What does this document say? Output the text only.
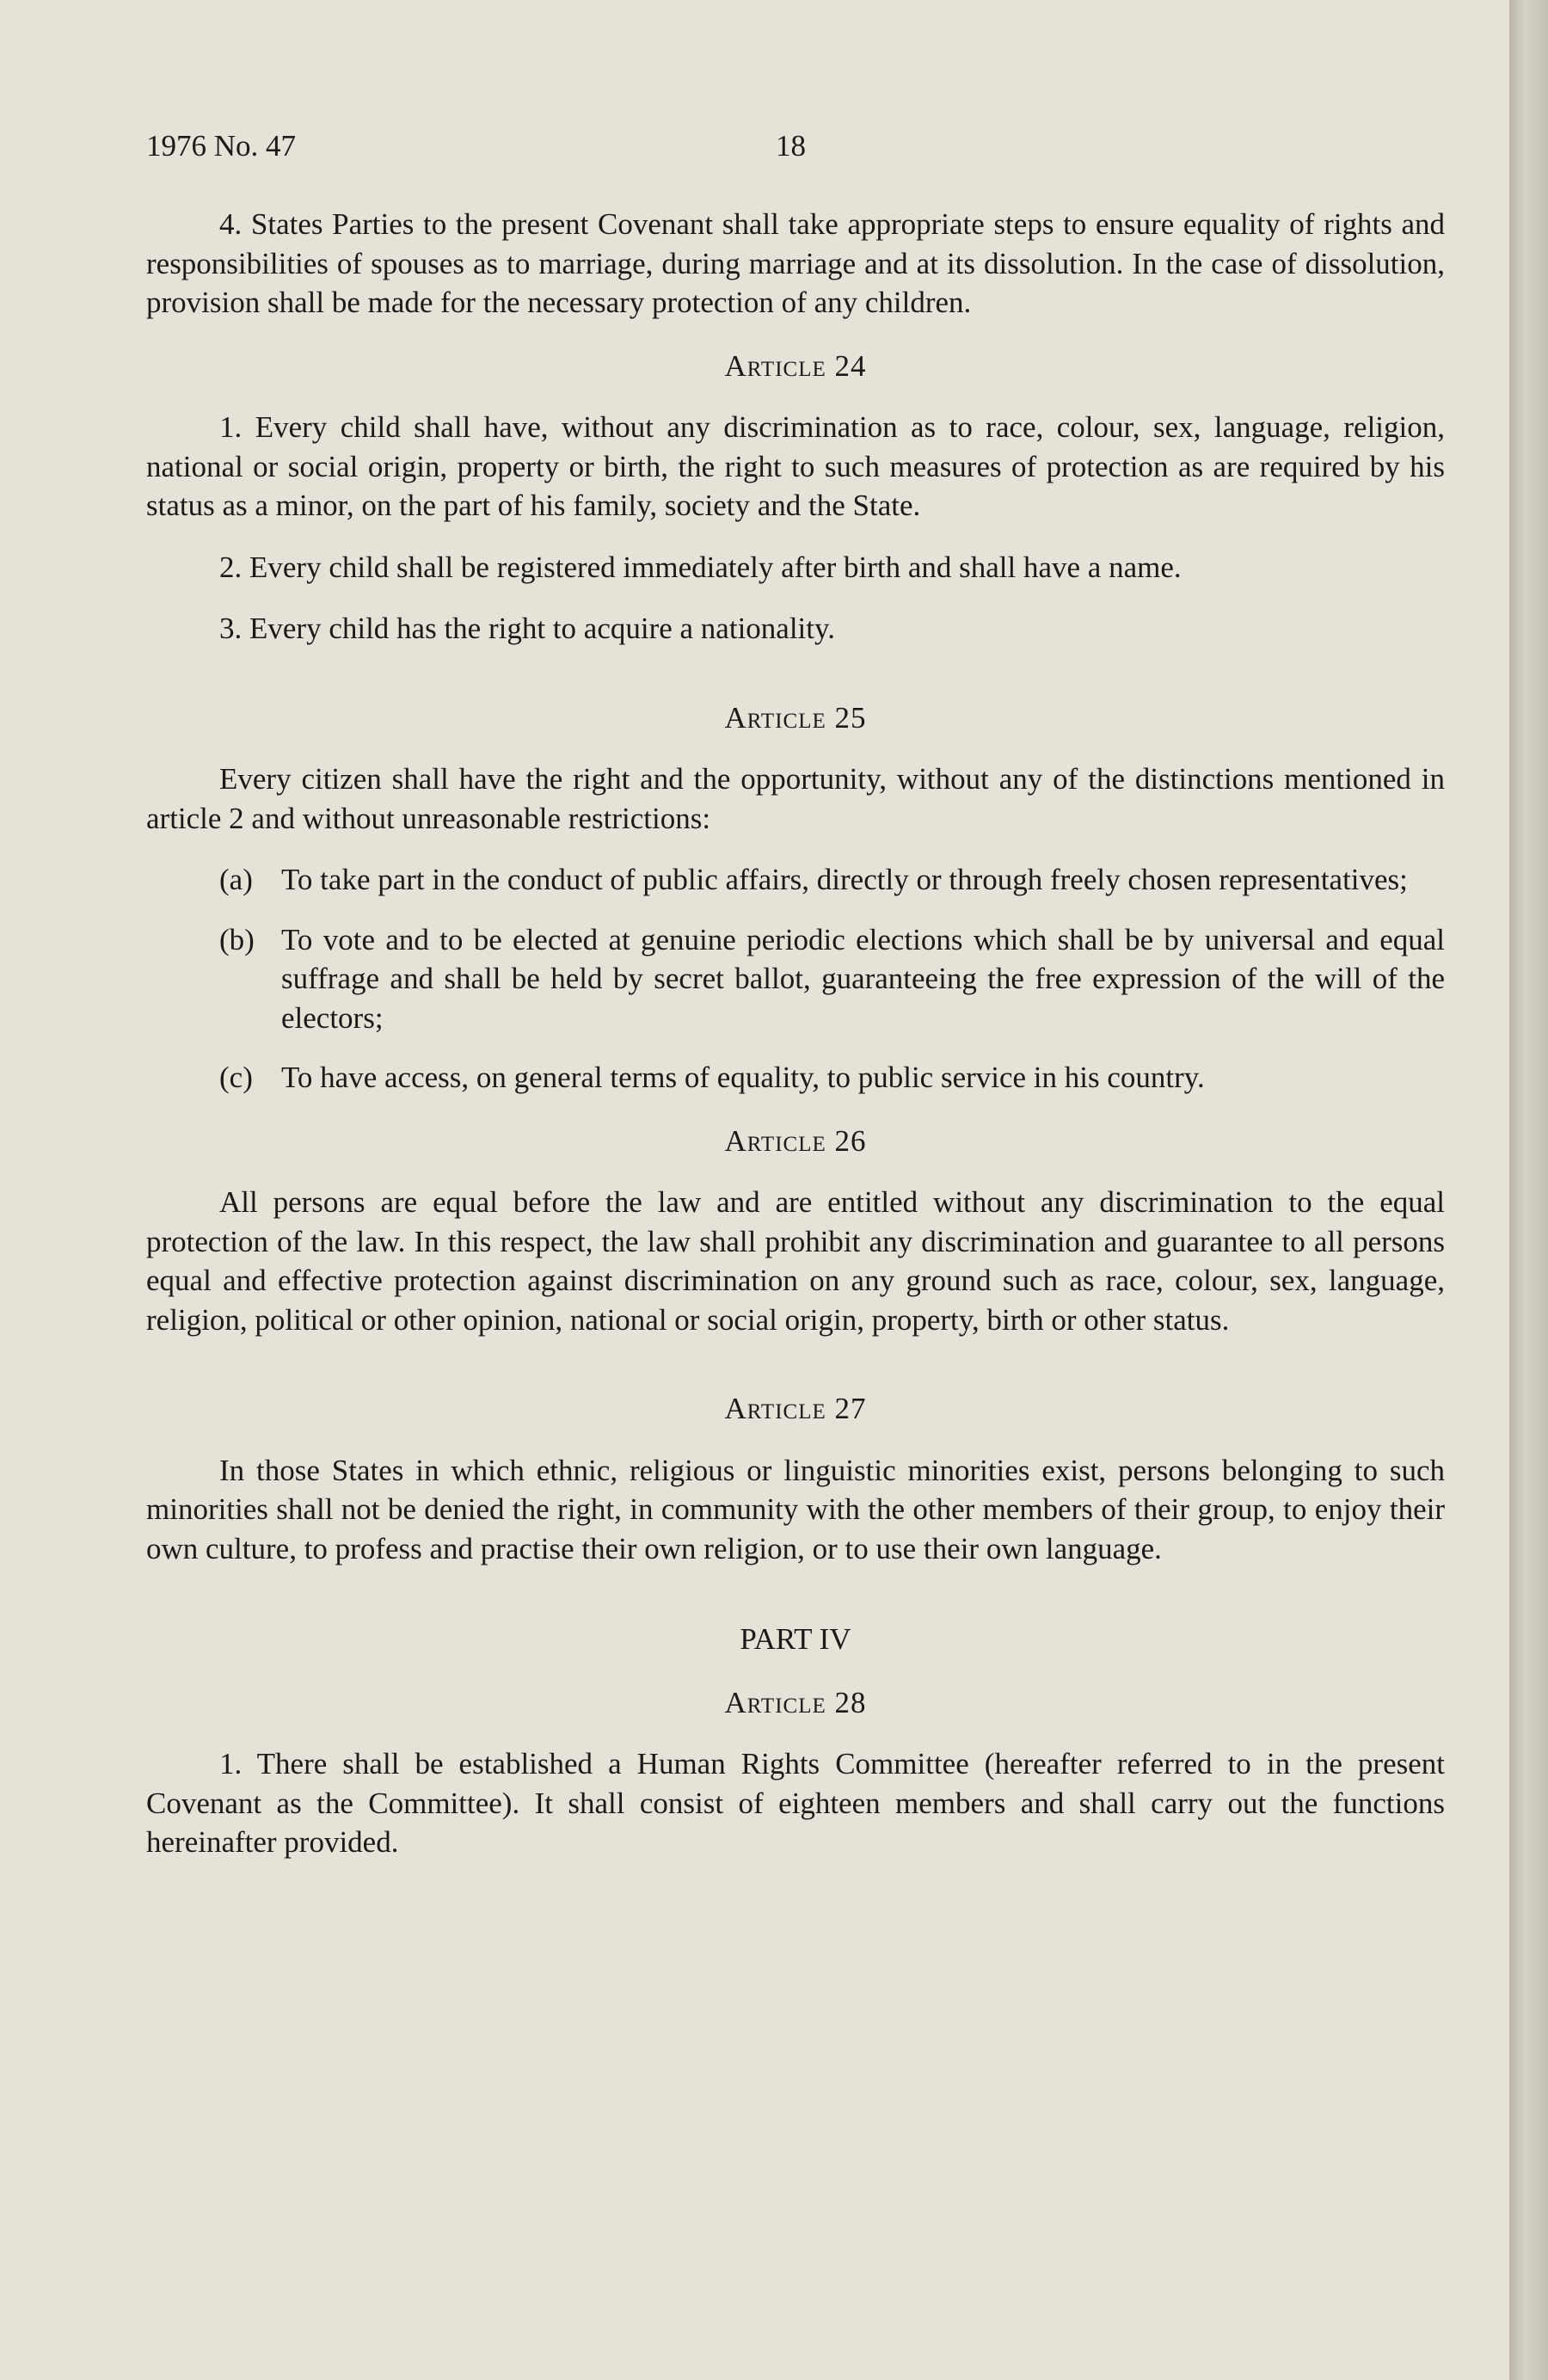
1976 No. 47	18

4. States Parties to the present Covenant shall take appropriate steps to ensure equality of rights and responsibilities of spouses as to marriage, during marriage and at its dissolution. In the case of dissolution, provision shall be made for the necessary protection of any children.

Article 24

1. Every child shall have, without any discrimination as to race, colour, sex, language, religion, national or social origin, property or birth, the right to such measures of protection as are required by his status as a minor, on the part of his family, society and the State.

2. Every child shall be registered immediately after birth and shall have a name.

3. Every child has the right to acquire a nationality.

Article 25

Every citizen shall have the right and the opportunity, without any of the distinctions mentioned in article 2 and without unreasonable restrictions:

(a) To take part in the conduct of public affairs, directly or through freely chosen representatives;
(b) To vote and to be elected at genuine periodic elections which shall be by universal and equal suffrage and shall be held by secret ballot, guaranteeing the free expression of the will of the electors;
(c) To have access, on general terms of equality, to public service in his country.
Article 26

All persons are equal before the law and are entitled without any discrimination to the equal protection of the law. In this respect, the law shall prohibit any discrimination and guarantee to all persons equal and effective protection against discrimination on any ground such as race, colour, sex, language, religion, political or other opinion, national or social origin, property, birth or other status.

Article 27

In those States in which ethnic, religious or linguistic minorities exist, persons belonging to such minorities shall not be denied the right, in community with the other members of their group, to enjoy their own culture, to profess and practise their own religion, or to use their own language.

PART IV
Article 28

1. There shall be established a Human Rights Committee (hereafter referred to in the present Covenant as the Committee). It shall consist of eighteen members and shall carry out the functions hereinafter provided.
